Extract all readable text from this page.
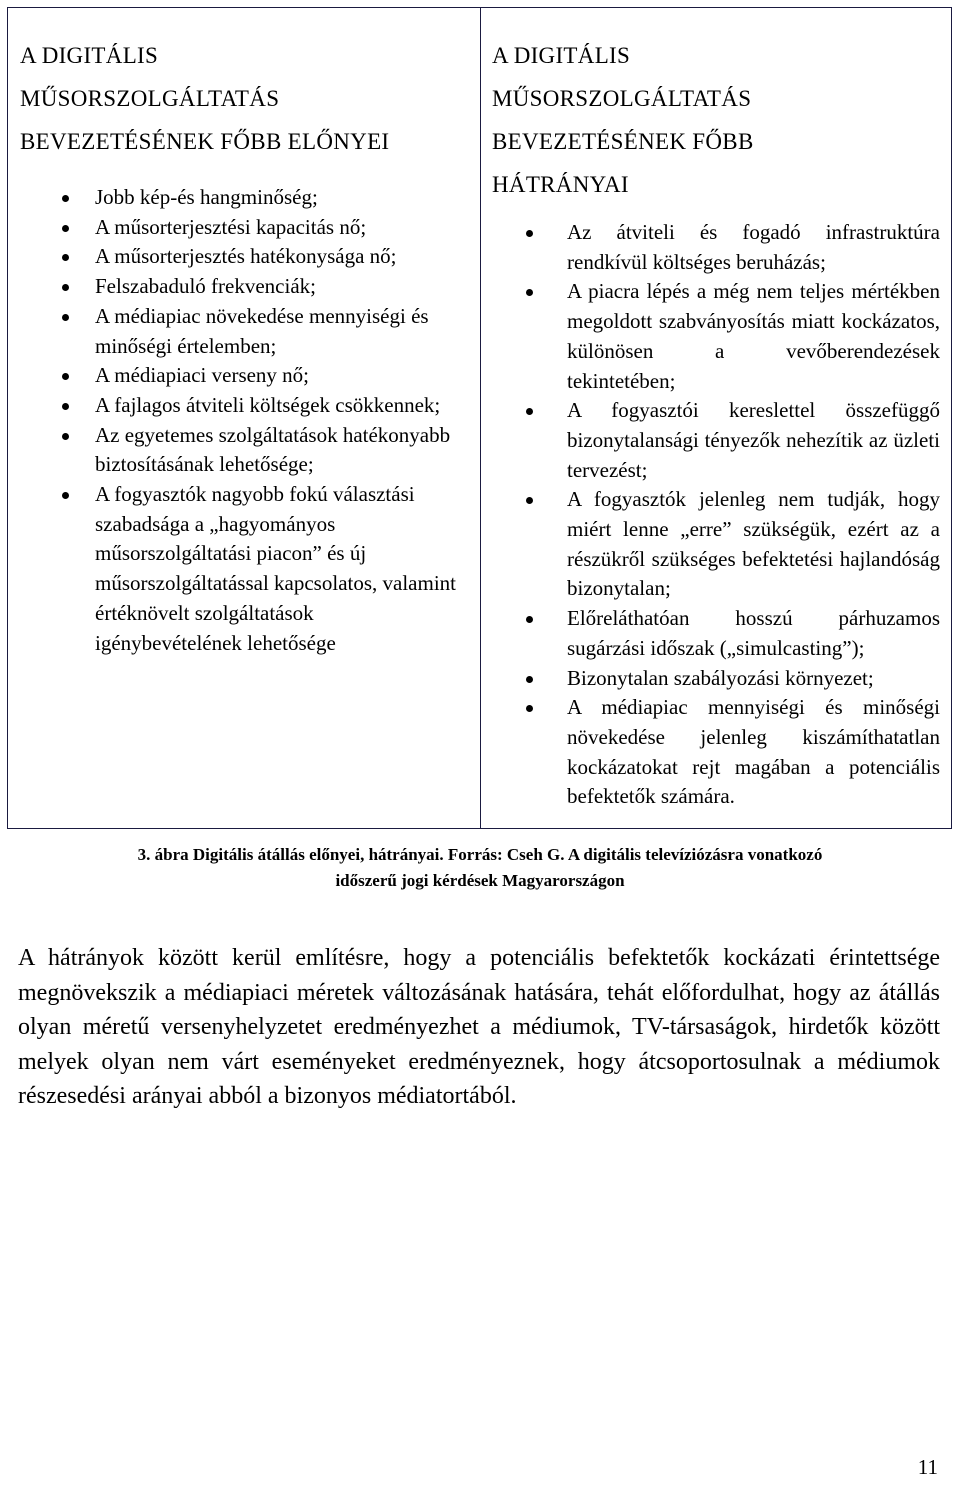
A DIGITÁLIS
MŰSORSZOLGÁLTATÁS
BEVEZETÉSÉNEK FŐBB ELŐNYEI
Jobb kép-és hangminőség;
A műsorterjesztési kapacitás nő;
A műsorterjesztés hatékonysága nő;
Felszabaduló frekvenciák;
A médiapiac növekedése mennyiségi és minőségi értelemben;
A médiapiaci verseny nő;
A fajlagos átviteli költségek csökkennek;
Az egyetemes szolgáltatások hatékonyabb biztosításának lehetősége;
A fogyasztók nagyobb fokú választási szabadsága a „hagyományos műsorszolgáltatási piacon” és új műsorszolgáltatással kapcsolatos, valamint értéknövelt szolgáltatások igénybevételének lehetősége
A DIGITÁLIS
MŰSORSZOLGÁLTATÁS
BEVEZETÉSÉNEK FŐBB
HÁTRÁNYAI
Az átviteli és fogadó infrastruktúra rendkívül költséges beruházás;
A piacra lépés a még nem teljes mértékben megoldott szabványosítás miatt kockázatos, különösen a vevőberendezések tekintetében;
A fogyasztói kereslettel összefüggő bizonytalansági tényezők nehezítik az üzleti tervezést;
A fogyasztók jelenleg nem tudják, hogy miért lenne „erre” szükségük, ezért az a részükről szükséges befektetési hajlandóság bizonytalan;
Előreláthatóan hosszú párhuzamos sugárzási időszak („simulcasting”);
Bizonytalan szabályozási környezet;
A médiapiac mennyiségi és minőségi növekedése jelenleg kiszámíthatatlan kockázatokat rejt magában a potenciális befektetők számára.
3. ábra Digitális átállás előnyei, hátrányai. Forrás: Cseh G. A digitális televíziózásra vonatkozó
időszerű jogi kérdések Magyarországon

A hátrányok között kerül említésre, hogy a potenciális befektetők kockázati érintettsége megnövekszik a médiapiaci méretek változásának hatására, tehát előfordulhat, hogy az átállás olyan méretű versenyhelyzetet eredményezhet a médiumok, TV-társaságok, hirdetők között melyek olyan nem várt eseményeket eredményeznek, hogy átcsoportosulnak a médiumok részesedési arányai abból a bizonyos médiatortából.

11
